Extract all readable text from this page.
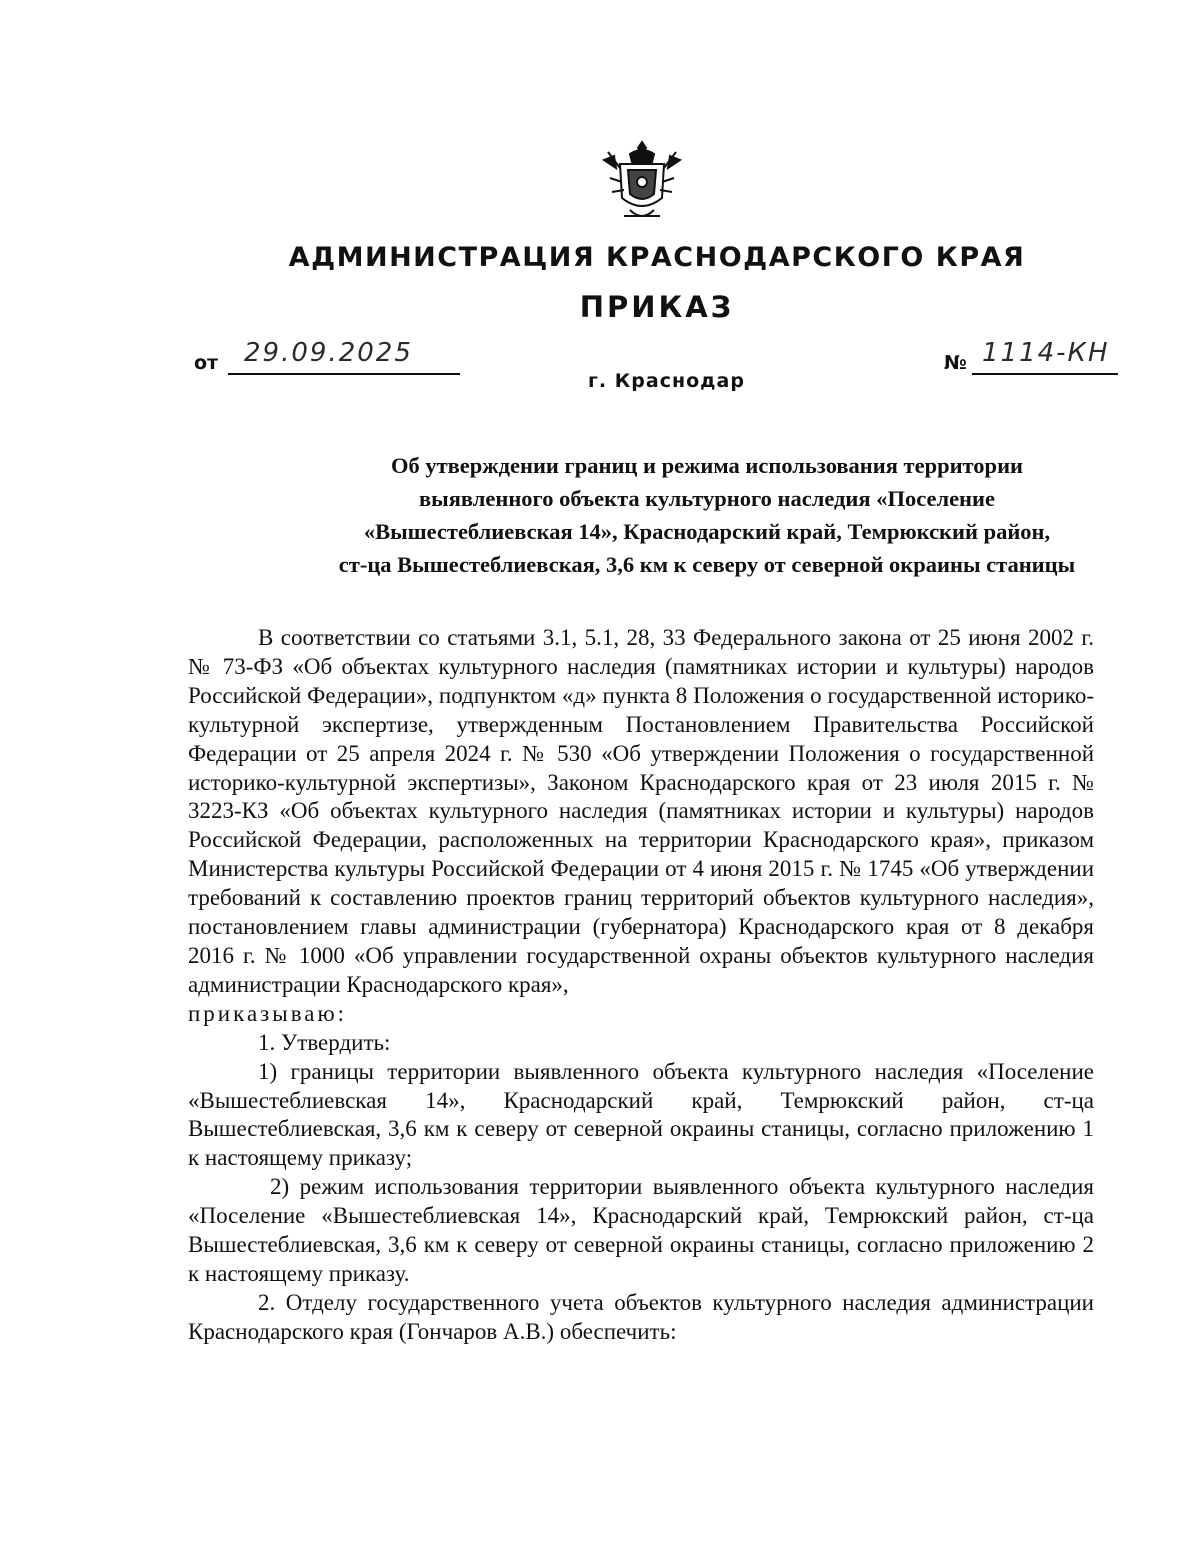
АДМИНИСТРАЦИЯ КРАСНОДАРСКОГО КРАЯ
ПРИКАЗ
от 29.09.2025	№ 1114-КН
г. Краснодар
Об утверждении границ и режима использования территории
выявленного объекта культурного наследия «Поселение
«Вышестеблиевская 14», Краснодарский край, Темрюкский район,
ст-ца Вышестеблиевская, 3,6 км к северу от северной окраины станицы

В соответствии со статьями 3.1, 5.1, 28, 33 Федерального закона от 25 июня 2002 г. № 73-ФЗ «Об объектах культурного наследия (памятниках истории и культуры) народов Российской Федерации», подпунктом «д» пункта 8 Положения о государственной историко-культурной экспертизе, утвержденным Постановлением Правительства Российской Федерации от 25 апреля 2024 г. № 530 «Об утверждении Положения о государственной историко-культурной экспертизы», Законом Краснодарского края от 23 июля 2015 г. № 3223-КЗ «Об объектах культурного наследия (памятниках истории и культуры) народов Российской Федерации, расположенных на территории Краснодарского края», приказом Министерства культуры Российской Федерации от 4 июня 2015 г. № 1745 «Об утверждении требований к составлению проектов границ территорий объектов культурного наследия», постановлением главы администрации (губернатора) Краснодарского края от 8 декабря 2016 г. № 1000 «Об управлении государственной охраны объектов культурного наследия администрации Краснодарского края»,

приказываю:

1. Утвердить:

1) границы территории выявленного объекта культурного наследия «Поселение «Вышестеблиевская 14», Краснодарский край, Темрюкский район, ст-ца Вышестеблиевская, 3,6 км к северу от северной окраины станицы, согласно приложению 1 к настоящему приказу;

2) режим использования территории выявленного объекта культурного наследия «Поселение «Вышестеблиевская 14», Краснодарский край, Темрюкский район, ст-ца Вышестеблиевская, 3,6 км к северу от северной окраины станицы, согласно приложению 2 к настоящему приказу.

2. Отделу государственного учета объектов культурного наследия администрации Краснодарского края (Гончаров А.В.) обеспечить:
